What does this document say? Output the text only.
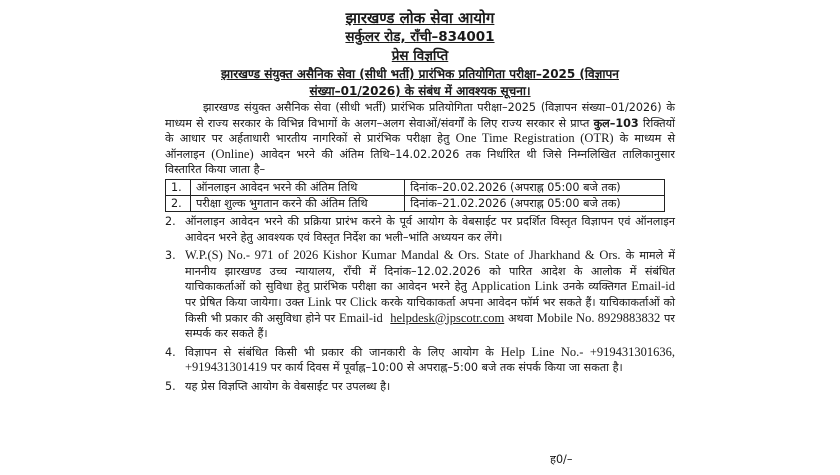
झारखण्ड लोक सेवा आयोग

सर्कुलर रोड, राँची–834001

प्रेस विज्ञप्ति

झारखण्ड संयुक्त असैनिक सेवा (सीधी भर्ती) प्रारंभिक प्रतियोगिता परीक्षा–2025 (विज्ञापन

संख्या–01/2026) के संबंध में आवश्यक सूचना।

झारखण्ड संयुक्त असैनिक सेवा (सीधी भर्ती) प्रारंभिक प्रतियोगिता परीक्षा–2025 (विज्ञापन संख्या–01/2026) के माध्यम से राज्य सरकार के विभिन्न विभागों के अलग–अलग सेवाओं/संवर्गों के लिए राज्य सरकार से प्राप्त कुल–103 रिक्तियों के आधार पर अर्हताधारी भारतीय नागरिकों से प्रारंभिक परीक्षा हेतु One Time Registration (OTR) के माध्यम से ऑनलाइन (Online) आवेदन भरने की अंतिम तिथि–14.02.2026 तक निर्धारित थी जिसे निम्नलिखित तालिकानुसार विस्तारित किया जाता है–

1.	ऑनलाइन आवेदन भरने की अंतिम तिथि	दिनांक–20.02.2026 (अपराह्न 05:00 बजे तक)
2.	परीक्षा शुल्क भुगतान करने की अंतिम तिथि	दिनांक–21.02.2026 (अपराह्न 05:00 बजे तक)
2. ऑनलाइन आवेदन भरने की प्रक्रिया प्रारंभ करने के पूर्व आयोग के वेबसाईट पर प्रदर्शित विस्तृत विज्ञापन एवं ऑनलाइन आवेदन भरने हेतु आवश्यक एवं विस्तृत निर्देश का भली–भांति अध्ययन कर लेंगे।
3. W.P.(S) No.- 971 of 2026 Kishor Kumar Mandal & Ors. State of Jharkhand & Ors. के मामले में माननीय झारखण्ड उच्च न्यायालय, राँची में दिनांक–12.02.2026 को पारित आदेश के आलोक में संबंधित याचिकाकर्ताओं को सुविधा हेतु प्रारंभिक परीक्षा का आवेदन भरने हेतु Application Link उनके व्यक्तिगत Email-id पर प्रेषित किया जायेगा। उक्त Link पर Click करके याचिकाकर्ता अपना आवेदन फॉर्म भर सकते हैं। याचिकाकर्ताओं को किसी भी प्रकार की असुविधा होने पर Email-id helpdesk@jpscotr.com अथवा Mobile No. 8929883832 पर सम्पर्क कर सकते हैं।
4. विज्ञापन से संबंधित किसी भी प्रकार की जानकारी के लिए आयोग के Help Line No.- +919431301636, +919431301419 पर कार्य दिवस में पूर्वाह्न–10:00 से अपराह्न–5:00 बजे तक संपर्क किया जा सकता है।
5. यह प्रेस विज्ञप्ति आयोग के वेबसाईट पर उपलब्ध है।
ह0/–
